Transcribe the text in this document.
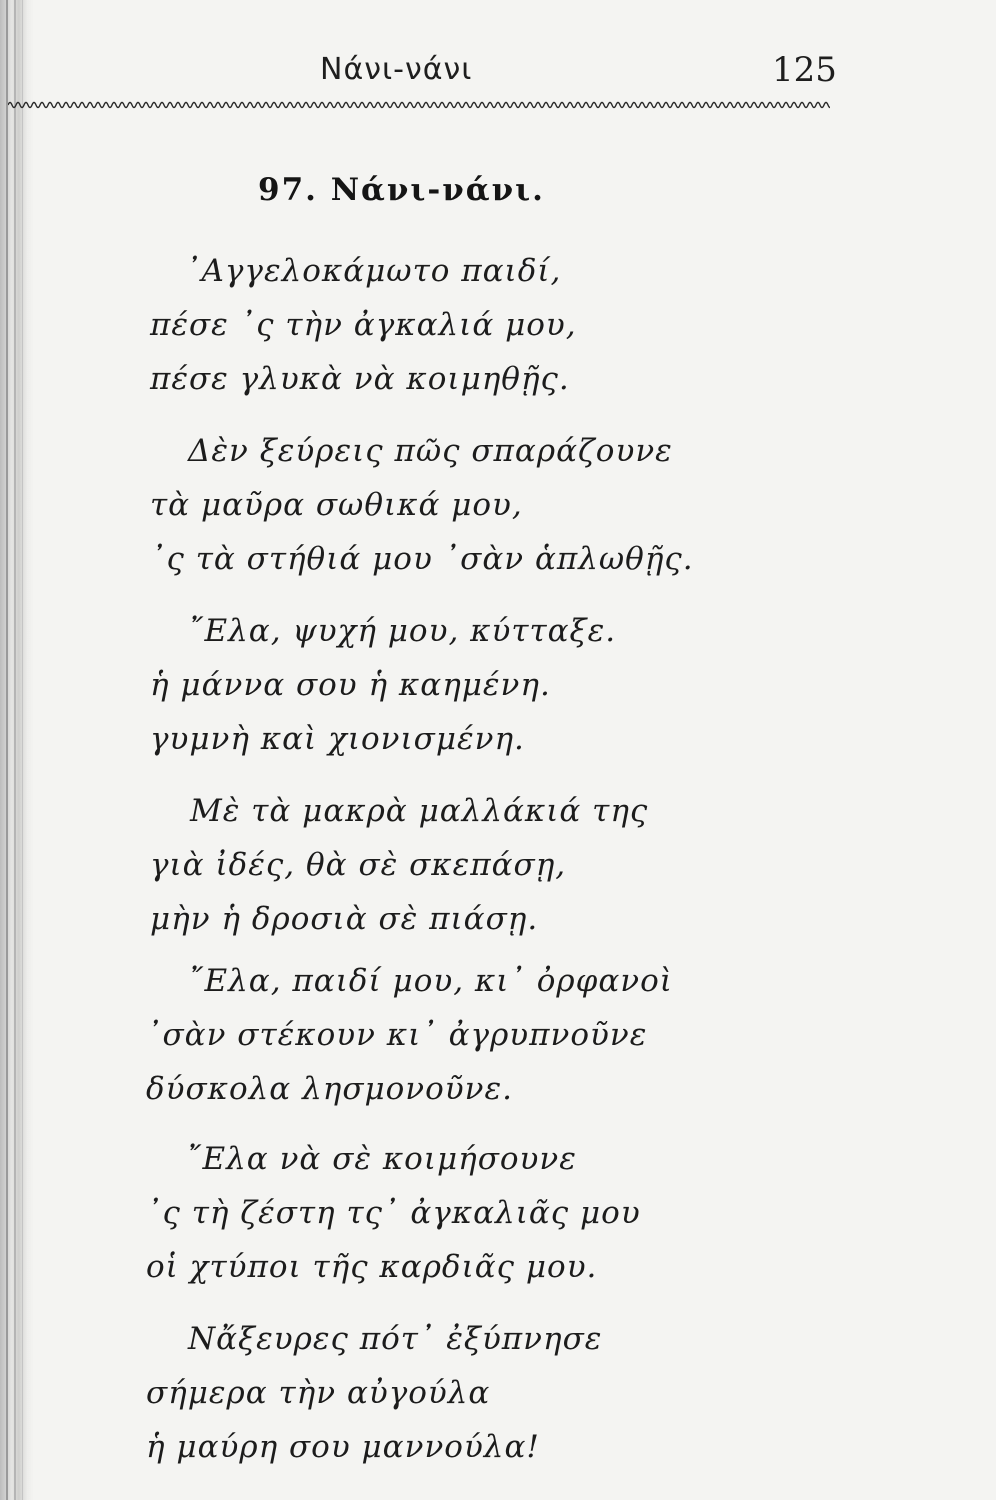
Νάνι-νάνι	125
97. Νάνι-νάνι.
᾿Αγγελοκάμωτο παιδί,
πέσε ᾿ς τὴν ἀγκαλιά μου,
πέσε γλυκὰ νὰ κοιμηθῇς.
Δὲν ξεύρεις πῶς σπαράζουνε
τὰ μαῦρα σωθικά μου,
᾿ς τὰ στήθιά μου ᾿σὰν ἁπλωθῇς.
῎Ελα, ψυχή μου, κύτταξε.
ἡ μάννα σου ἡ καημένη.
γυμνὴ καὶ χιονισμένη.
Μὲ τὰ μακρὰ μαλλάκιά της
γιὰ ἰδές, θὰ σὲ σκεπάσῃ,
μὴν ἡ δροσιὰ σὲ πιάσῃ.
῎Ελα, παιδί μου, κι᾿ ὀρφανοὶ
᾿σὰν στέκουν κι᾿ ἀγρυπνοῦνε
δύσκολα λησμονοῦνε.
῎Ελα νὰ σὲ κοιμήσουνε
᾿ς τὴ ζέστη τς᾿ ἀγκαλιᾶς μου
οἱ χτύποι τῆς καρδιᾶς μου.
Νἄξευρες πότ᾿ ἐξύπνησε
σήμερα τὴν αὐγούλα
ἡ μαύρη σου μαννούλα!
